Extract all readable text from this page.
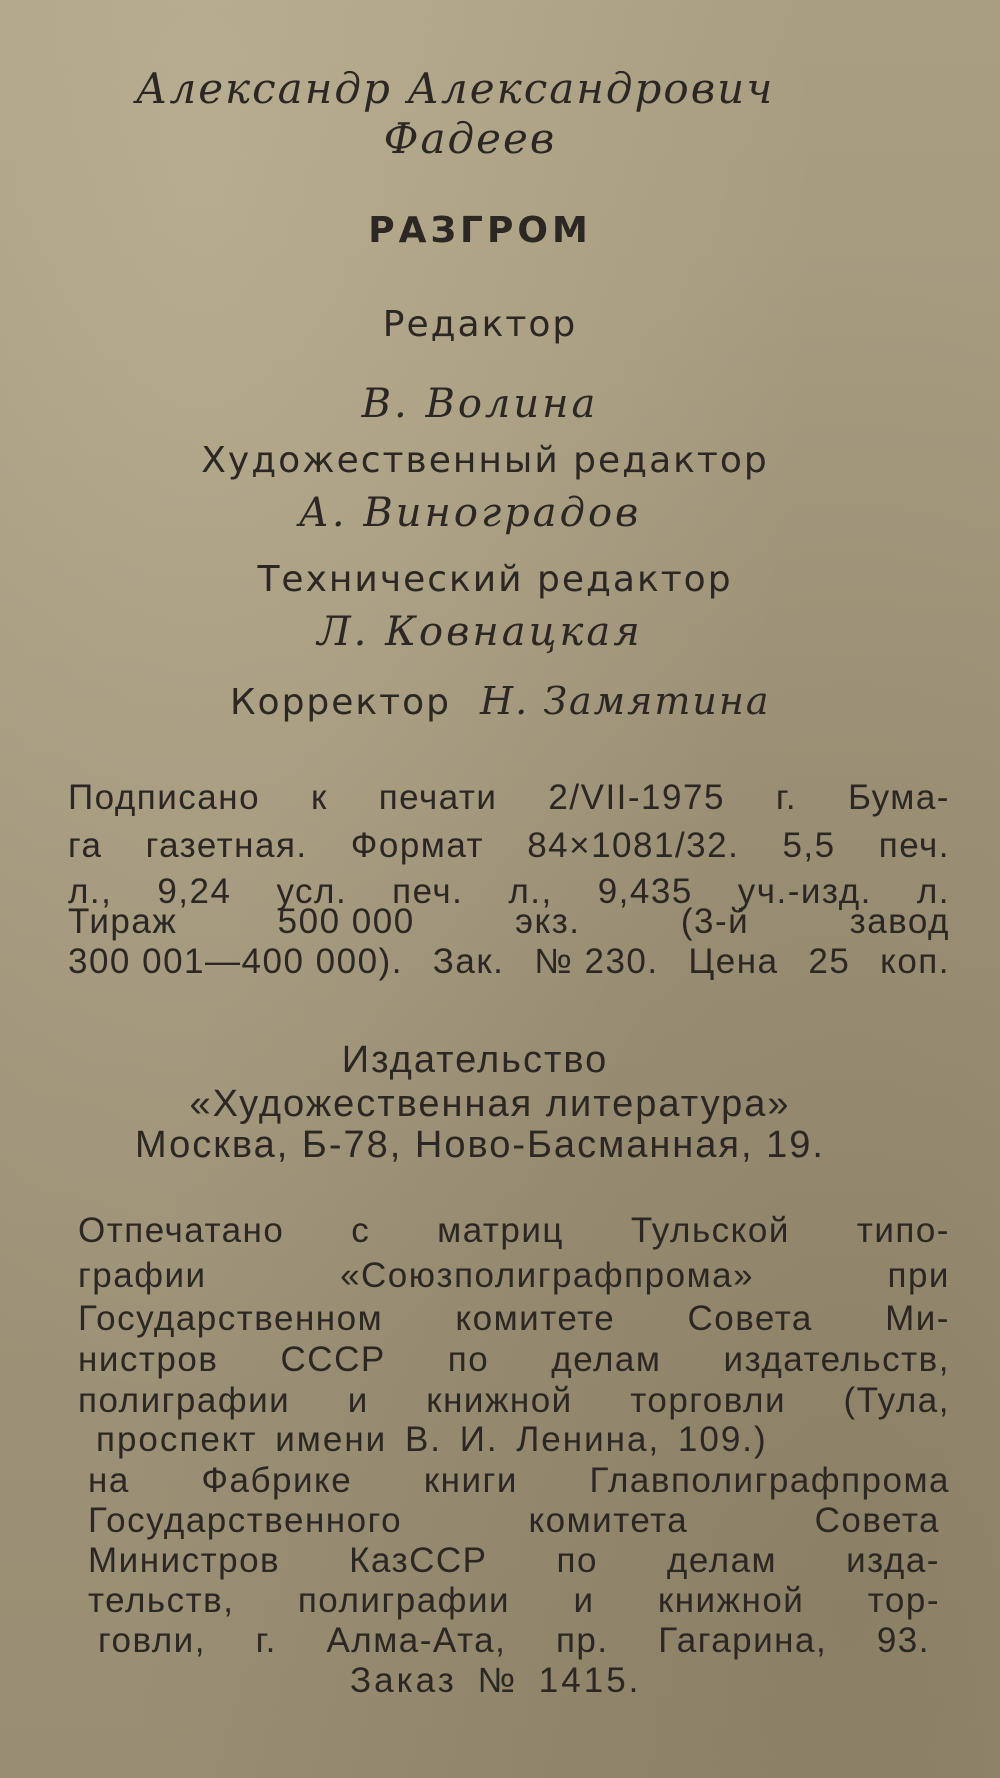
Александр Александрович
Фадеев
РАЗГРОМ
Редактор
В. Волина
Художественный редактор
А. Виноградов
Технический редактор
Л. Ковнацкая
Корректор Н. Замятина
Подписано к печати 2/VII-1975 г. Бума-
га газетная. Формат 84×1081/32. 5,5 печ.
л., 9,24 усл. печ. л., 9,435 уч.-изд. л.
Тираж	500 000	экз.	(3-й	завод
300 001—400 000). Зак. № 230. Цена 25 коп.
Издательство
«Художественная литература»
Москва, Б-78, Ново-Басманная, 19.
Отпечатано с матриц Тульской типо-
графии	«Союзполиграфпрома»	при
Государственном комитете Совета Ми-
нистров СССР по делам издательств,
полиграфии и книжной торговли (Тула,
проспект имени В. И. Ленина, 109.)
на Фабрике книги Главполиграфпрома
Государственного	комитета	Совета
Министров КазССР по делам изда-
тельств, полиграфии и книжной тор-
говли, г. Алма-Ата, пр. Гагарина, 93.
Заказ № 1415.
